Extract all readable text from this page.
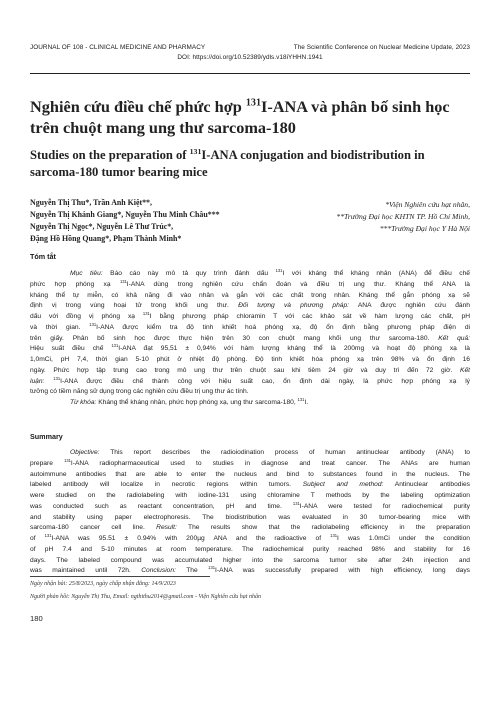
JOURNAL OF 108 - CLINICAL MEDICINE AND PHARMACY	The Scientific Conference on Nuclear Medicine Update, 2023
DOI: https://doi.org/10.52389/ydls.v18iYHHN.1941
Nghiên cứu điều chế phức hợp $^{131}$I-ANA và phân bố sinh học trên chuột mang ung thư sarcoma-180
Studies on the preparation of $^{131}$I-ANA conjugation and biodistribution in sarcoma-180 tumor bearing mice
Nguyễn Thị Thu*, Trần Anh Kiệt**,
Nguyễn Thị Khánh Giang*, Nguyễn Thu Minh Châu***
Nguyễn Thị Ngọc*, Nguyễn Lê Thư Trúc*,
Đặng Hồ Hồng Quang*, Phạm Thành Minh*
*Viện Nghiên cứu hạt nhân,
**Trường Đại học KHTN TP. Hồ Chí Minh,
***Trường Đại học Y Hà Nội
Tóm tắt
Mục tiêu: Báo cáo này mô tả quy trình đánh dấu $^{131}$I với kháng thể kháng nhân (ANA) để điều chế
phức hợp phóng xạ $^{131}$I-ANA dùng trong nghiên cứu chẩn đoán và điều trị ung thư. Kháng thể ANA là
kháng thể tự miễn, có khả năng đi vào nhân và gắn với các chất trong nhân. Kháng thể gắn phóng xạ sẽ
định vị trong vùng hoại tử trong khối ung thư. Đối tượng và phương pháp: ANA được nghiên cứu đánh
dấu với đồng vị phóng xạ $^{131}$I bằng phương pháp chloramin T với các khảo sát về hàm lượng các chất, pH
và thời gian. $^{131}$I-ANA được kiểm tra độ tinh khiết hoá phóng xạ, độ ổn định bằng phương pháp điện di
trên giấy. Phân bố sinh học được thực hiện trên 30 con chuột mang khối ung thư sarcoma-180. Kết quả:
Hiệu suất điều chế $^{131}$I-ANA đạt 95,51 ± 0,94% với hàm lượng kháng thể là 200mg và hoạt độ phóng xạ là
1,0mCi, pH 7,4, thời gian 5-10 phút ở nhiệt độ phòng. Độ tinh khiết hóa phóng xạ trên 98% và ổn định 16
ngày. Phức hợp tập trung cao trong mô ung thư trên chuột sau khi tiêm 24 giờ và duy trì đến 72 giờ. Kết
luận: $^{131}$I-ANA được điều chế thành công với hiệu suất cao, ổn định dài ngày, là phức hợp phóng xạ lý
tưởng có tiềm năng sử dụng trong các nghiên cứu điều trị ung thư ác tính.
Từ khóa: Kháng thể kháng nhân, phức hợp phóng xạ, ung thư sarcoma-180, $^{131}$I.
Summary
Objective: This report describes the radioiodination process of human antinuclear antibody (ANA) to
prepare $^{131}$I-ANA radiopharmaceutical used to studies in diagnose and treat cancer. The ANAs are human
autoimmune antibodies that are able to enter the nucleus and bind to substances found in the nucleus. The
labeled antibody will localize in necrotic regions within tumors. Subject and method: Antinuclear antibodies
were studied on the radiolabeling with iodine-131 using chloramine T methods by the labeling optimization
was conducted such as reactant concentration, pH and time. $^{131}$I-ANA were tested for radiochemical purity
and stability using paper electrophoresis. The biodistribution was evaluated in 30 tumor-bearing mice with
sarcoma-180 cancer cell line. Result: The results show that the radiolabeling efficiency in the preparation
of $^{131}$I-ANA was 95.51 ± 0.94% with 200µg ANA and the radioactive of $^{131}$I was 1.0mCi under the condition
of pH 7.4 and 5-10 minutes at room temperature. The radiochemical purity reached 98% and stability for 16
days. The labeled compound was accumulated higher into the sarcoma tumor site after 24h injection and
was maintained until 72h. Conclusion: The $^{131}$I-ANA was successfully prepared with high efficiency, long days
Ngày nhận bài: 25/8/2023, ngày chấp nhận đăng: 14/9/2023
Người phản hồi: Nguyễn Thị Thu, Email: ngthithu2014@gmail.com - Viện Nghiên cứu hạt nhân
180
